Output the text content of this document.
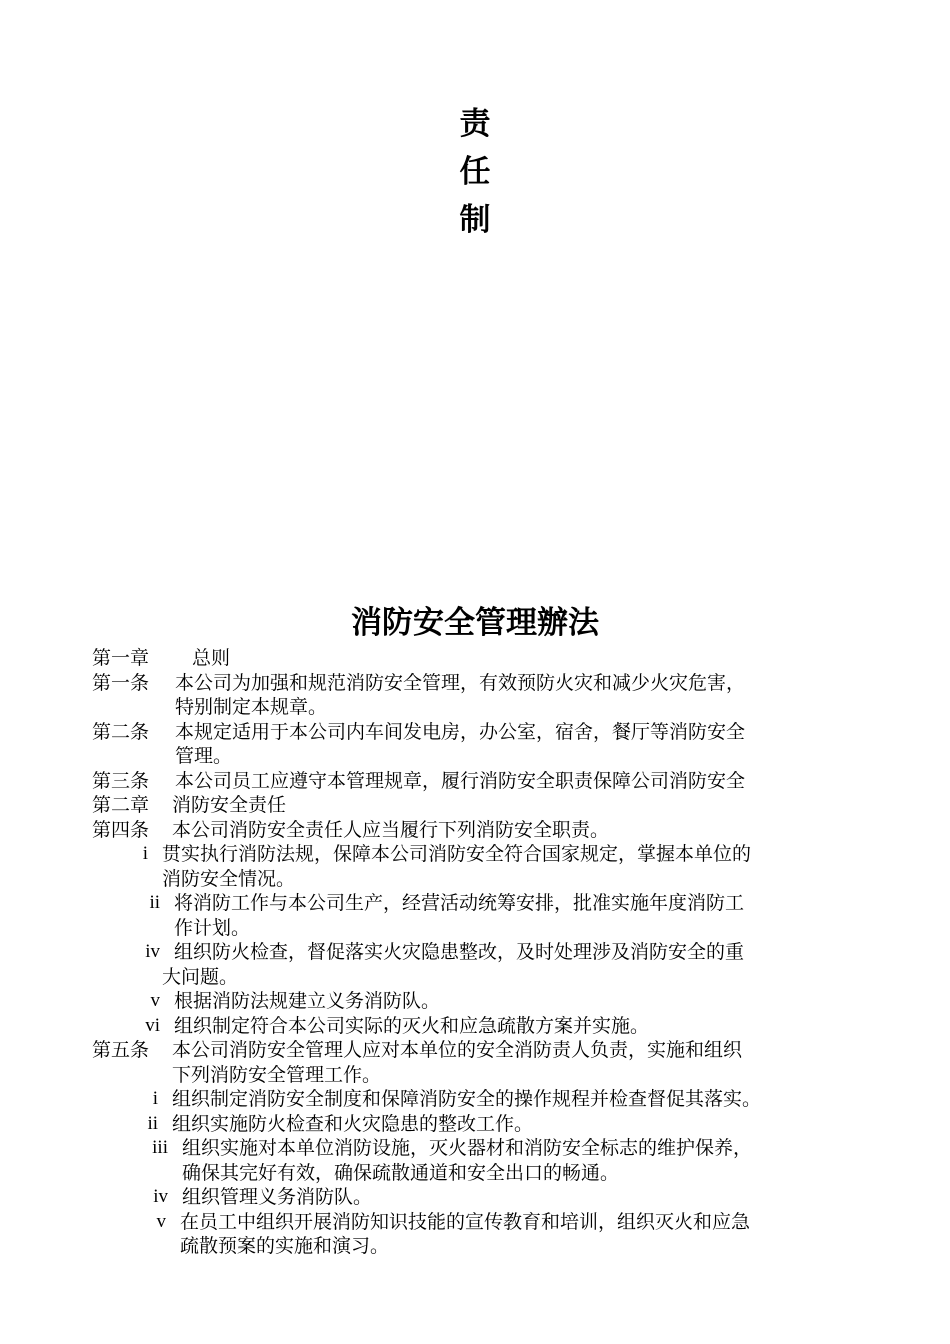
责
任
制
消防安全管理辦法
第一章	总则
第一条	本公司为加强和规范消防安全管理，有效预防火灾和减少火灾危害，
特别制定本规章。
第二条	本规定适用于本公司内车间发电房，办公室，宿舍，餐厅等消防安全
管理。
第三条	本公司员工应遵守本管理规章，履行消防安全职责保障公司消防安全
第二章	消防安全责任
第四条	本公司消防安全责任人应当履行下列消防安全职责。
i 贯实执行消防法规，保障本公司消防安全符合国家规定，掌握本单位的
消防安全情况。
ii 将消防工作与本公司生产，经营活动统筹安排，批准实施年度消防工
作计划。
iv 组织防火检查，督促落实火灾隐患整改，及时处理涉及消防安全的重
大问题。
v 根据消防法规建立义务消防队。
vi 组织制定符合本公司实际的灭火和应急疏散方案并实施。
第五条	本公司消防安全管理人应对本单位的安全消防责人负责，实施和组织
下列消防安全管理工作。
i 组织制定消防安全制度和保障消防安全的操作规程并检查督促其落实。
ii 组织实施防火检查和火灾隐患的整改工作。
iii 组织实施对本单位消防设施，灭火器材和消防安全标志的维护保养，
确保其完好有效，确保疏散通道和安全出口的畅通。
iv 组织管理义务消防队。
v 在员工中组织开展消防知识技能的宣传教育和培训，组织灭火和应急
疏散预案的实施和演习。
